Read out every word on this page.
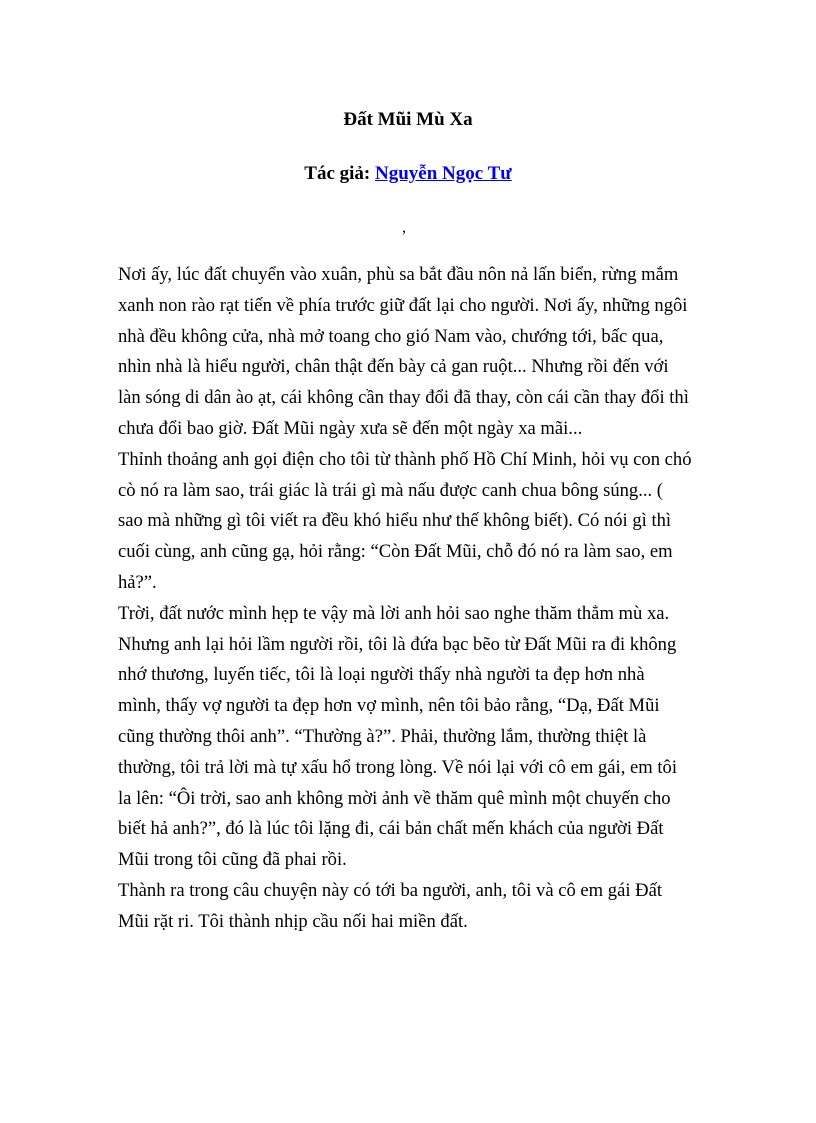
Đất Mũi Mù Xa
Tác giả: Nguyễn Ngọc Tư
,
Nơi ấy, lúc đất chuyển vào xuân, phù sa bắt đầu nôn nả lấn biển, rừng mắm
xanh non rào rạt tiến về phía trước giữ đất lại cho người. Nơi ấy, những ngôi
nhà đều không cửa, nhà mở toang cho gió Nam vào, chướng tới, bấc qua,
nhìn nhà là hiểu người, chân thật đến bày cả gan ruột... Nhưng rồi đến với
làn sóng di dân ào ạt, cái không cần thay đổi đã thay, còn cái cần thay đổi thì
chưa đổi bao giờ. Đất Mũi ngày xưa sẽ đến một ngày xa mãi...
Thỉnh thoảng anh gọi điện cho tôi từ thành phố Hồ Chí Minh, hỏi vụ con chó
cò nó ra làm sao, trái giác là trái gì mà nấu được canh chua bông súng... (
sao mà những gì tôi viết ra đều khó hiểu như thế không biết). Có nói gì thì
cuối cùng, anh cũng gạ, hỏi rằng: “Còn Đất Mũi, chỗ đó nó ra làm sao, em
hả?”.
Trời, đất nước mình hẹp te vậy mà lời anh hỏi sao nghe thăm thẳm mù xa.
Nhưng anh lại hỏi lầm người rồi, tôi là đứa bạc bẽo từ Đất Mũi ra đi không
nhớ thương, luyến tiếc, tôi là loại người thấy nhà người ta đẹp hơn nhà
mình, thấy vợ người ta đẹp hơn vợ mình, nên tôi bảo rằng, “Dạ, Đất Mũi
cũng thường thôi anh”. “Thường à?”. Phải, thường lắm, thường thiệt là
thường, tôi trả lời mà tự xấu hổ trong lòng. Về nói lại với cô em gái, em tôi
la lên: “Ôi trời, sao anh không mời ảnh về thăm quê mình một chuyến cho
biết hả anh?”, đó là lúc tôi lặng đi, cái bản chất mến khách của người Đất
Mũi trong tôi cũng đã phai rồi.
Thành ra trong câu chuyện này có tới ba người, anh, tôi và cô em gái Đất
Mũi rặt ri. Tôi thành nhịp cầu nối hai miền đất.
